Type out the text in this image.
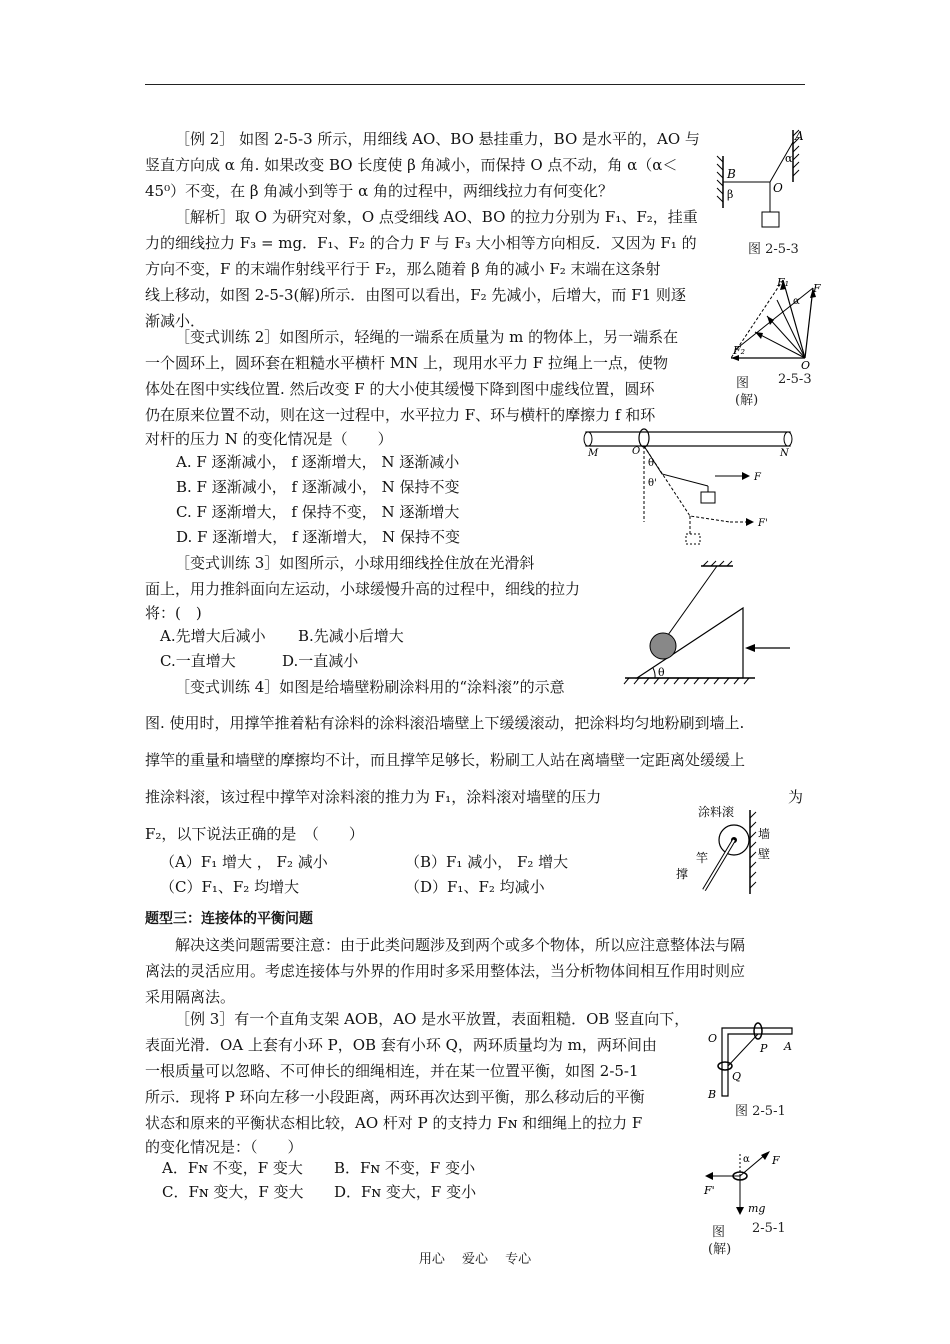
［例 2］ 如图 2-5-3 所示，用细线 AO、BO 悬挂重力，BO 是水平的，AO 与
竖直方向成 α 角. 如果改变 BO 长度使 β 角减小，而保持 O 点不动，角 α（α＜
45⁰）不变，在 β 角减小到等于 α 角的过程中，两细线拉力有何变化？
［解析］取 O 为研究对象，O 点受细线 AO、BO 的拉力分别为 F₁、F₂，挂重
力的细线拉力 F₃ = mg．F₁、F₂ 的合力 F 与 F₃ 大小相等方向相反．又因为 F₁ 的
方向不变，F 的末端作射线平行于 F₂，那么随着 β 角的减小 F₂ 末端在这条射
线上移动，如图 2-5-3(解)所示．由图可以看出，F₂ 先减小，后增大，而 F1 则逐
渐减小．
A
α
B
β	O
图 2-5-3
F₁ F
α
F₂
O
图 2-5-3
(解)
［变式训练 2］如图所示，轻绳的一端系在质量为 m 的物体上，另一端系在
一个圆环上，圆环套在粗糙水平横杆 MN 上，现用水平力 F 拉绳上一点，使物
体处在图中实线位置. 然后改变 F 的大小使其缓慢下降到图中虚线位置，圆环
仍在原来位置不动，则在这一过程中，水平拉力 F、环与横杆的摩擦力 f 和环
对杆的压力 N 的变化情况是（　　）
A. F 逐渐减小， f 逐渐增大， N 逐渐减小
B. F 逐渐减小， f 逐渐减小， N 保持不变
C. F 逐渐增大， f 保持不变， N 逐渐增大
D. F 逐渐增大， f 逐渐增大， N 保持不变
M	O	N
θ
θ'
F
F'
［变式训练 3］如图所示，小球用细线拴住放在光滑斜
面上，用力推斜面向左运动，小球缓慢升高的过程中，细线的拉力
将：(　)
A.先增大后减小 B.先减小后增大
C.一直增大	D.一直减小
θ
［变式训练 4］如图是给墙壁粉刷涂料用的“涂料滚”的示意
图. 使用时，用撑竿推着粘有涂料的涂料滚沿墙壁上下缓缓滚动，把涂料均匀地粉刷到墙上.
撑竿的重量和墙壁的摩擦均不计，而且撑竿足够长，粉刷工人站在离墙壁一定距离处缓缓上
推涂料滚，该过程中撑竿对涂料滚的推力为 F₁，涂料滚对墙壁的压力	为
F₂，以下说法正确的是　（　　）
（A）F₁ 增大 ， F₂ 减小	（B）F₁ 减小， F₂ 增大
（C）F₁、F₂ 均增大	（D）F₁、F₂ 均减小
涂料滚
墙
壁
撑
竿
题型三：连接体的平衡问题
解决这类问题需要注意：由于此类问题涉及到两个或多个物体，所以应注意整体法与隔
离法的灵活应用。考虑连接体与外界的作用时多采用整体法，当分析物体间相互作用时则应
采用隔离法。
［例 3］有一个直角支架 AOB，AO 是水平放置，表面粗糙．OB 竖直向下，
表面光滑．OA 上套有小环 P，OB 套有小环 Q，两环质量均为 m，两环间由
一根质量可以忽略、不可伸长的细绳相连，并在某一位置平衡，如图 2-5-1
所示．现将 P 环向左移一小段距离，两环再次达到平衡，那么移动后的平衡
状态和原来的平衡状态相比较，AO 杆对 P 的支持力 Fɴ 和细绳上的拉力 F
的变化情况是：（　　）
A．Fɴ 不变，F 变大 B．Fɴ 不变，F 变小
C．Fɴ 变大，F 变大 D．Fɴ 变大，F 变小
O
A
P
Q
B
图 2-5-1
α F
F'
mg
图 2-5-1
(解)
用心　 爱心　 专心
